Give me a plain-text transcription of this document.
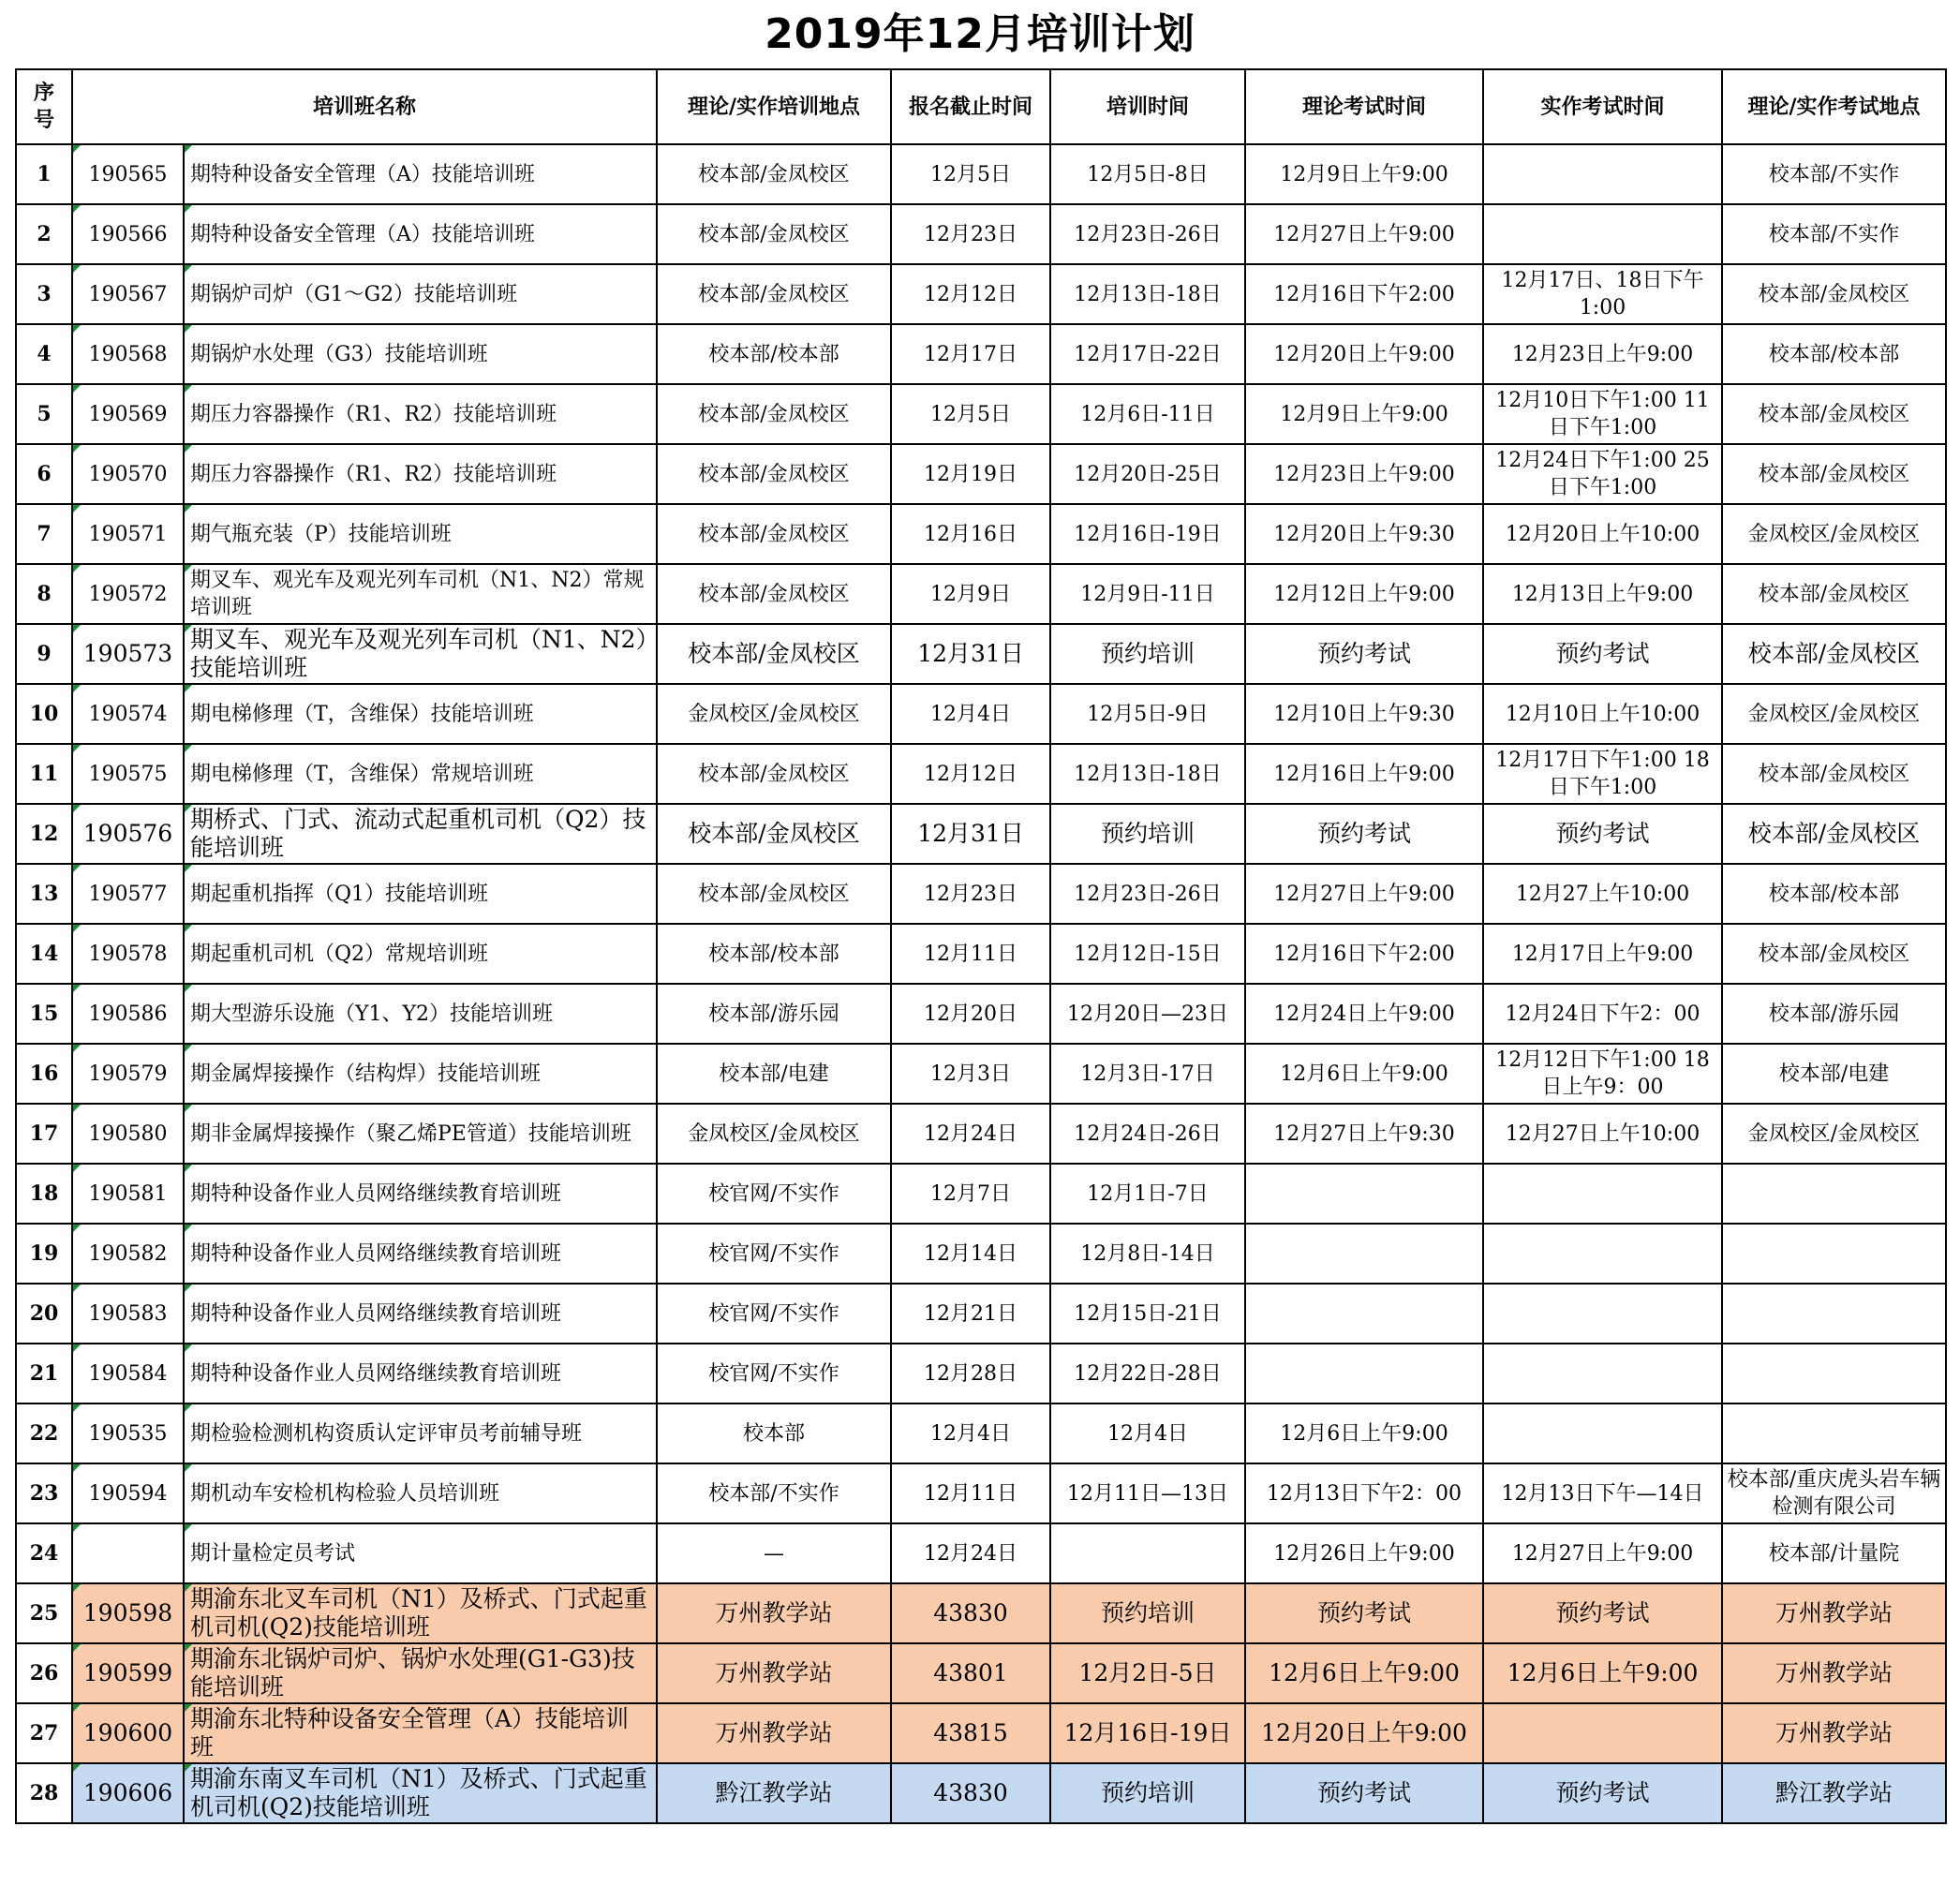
2019年12月培训计划
序号	培训班名称		理论/实作培训地点	报名截止时间	培训时间	理论考试时间	实作考试时间	理论/实作考试地点
1	190565	期特种设备安全管理（A）技能培训班	校本部/金凤校区	12月5日	12月5日-8日	12月9日上午9:00		校本部/不实作
2	190566	期特种设备安全管理（A）技能培训班	校本部/金凤校区	12月23日	12月23日-26日	12月27日上午9:00		校本部/不实作
3	190567	期锅炉司炉（G1～G2）技能培训班	校本部/金凤校区	12月12日	12月13日-18日	12月16日下午2:00	12月17日、18日下午1:00	校本部/金凤校区
4	190568	期锅炉水处理（G3）技能培训班	校本部/校本部	12月17日	12月17日-22日	12月20日上午9:00	12月23日上午9:00	校本部/校本部
5	190569	期压力容器操作（R1、R2）技能培训班	校本部/金凤校区	12月5日	12月6日-11日	12月9日上午9:00	12月10日下午1:00 11日下午1:00	校本部/金凤校区
6	190570	期压力容器操作（R1、R2）技能培训班	校本部/金凤校区	12月19日	12月20日-25日	12月23日上午9:00	12月24日下午1:00 25日下午1:00	校本部/金凤校区
7	190571	期气瓶充装（P）技能培训班	校本部/金凤校区	12月16日	12月16日-19日	12月20日上午9:30	12月20日上午10:00	金凤校区/金凤校区
8	190572	期叉车、观光车及观光列车司机（N1、N2）常规培训班	校本部/金凤校区	12月9日	12月9日-11日	12月12日上午9:00	12月13日上午9:00	校本部/金凤校区
9	190573	期叉车、观光车及观光列车司机（N1、N2）技能培训班	校本部/金凤校区	12月31日	预约培训	预约考试	预约考试	校本部/金凤校区
10	190574	期电梯修理（T，含维保）技能培训班	金凤校区/金凤校区	12月4日	12月5日-9日	12月10日上午9:30	12月10日上午10:00	金凤校区/金凤校区
11	190575	期电梯修理（T，含维保）常规培训班	校本部/金凤校区	12月12日	12月13日-18日	12月16日上午9:00	12月17日下午1:00 18日下午1:00	校本部/金凤校区
12	190576	期桥式、门式、流动式起重机司机（Q2）技能培训班	校本部/金凤校区	12月31日	预约培训	预约考试	预约考试	校本部/金凤校区
13	190577	期起重机指挥（Q1）技能培训班	校本部/金凤校区	12月23日	12月23日-26日	12月27日上午9:00	12月27上午10:00	校本部/校本部
14	190578	期起重机司机（Q2）常规培训班	校本部/校本部	12月11日	12月12日-15日	12月16日下午2:00	12月17日上午9:00	校本部/金凤校区
15	190586	期大型游乐设施（Y1、Y2）技能培训班	校本部/游乐园	12月20日	12月20日—23日	12月24日上午9:00	12月24日下午2：00	校本部/游乐园
16	190579	期金属焊接操作（结构焊）技能培训班	校本部/电建	12月3日	12月3日-17日	12月6日上午9:00	12月12日下午1:00 18日上午9：00	校本部/电建
17	190580	期非金属焊接操作（聚乙烯PE管道）技能培训班	金凤校区/金凤校区	12月24日	12月24日-26日	12月27日上午9:30	12月27日上午10:00	金凤校区/金凤校区
18	190581	期特种设备作业人员网络继续教育培训班	校官网/不实作	12月7日	12月1日-7日			
19	190582	期特种设备作业人员网络继续教育培训班	校官网/不实作	12月14日	12月8日-14日			
20	190583	期特种设备作业人员网络继续教育培训班	校官网/不实作	12月21日	12月15日-21日			
21	190584	期特种设备作业人员网络继续教育培训班	校官网/不实作	12月28日	12月22日-28日			
22	190535	期检验检测机构资质认定评审员考前辅导班	校本部	12月4日	12月4日	12月6日上午9:00		
23	190594	期机动车安检机构检验人员培训班	校本部/不实作	12月11日	12月11日—13日	12月13日下午2：00	12月13日下午—14日	校本部/重庆虎头岩车辆检测有限公司
24		期计量检定员考试	—	12月24日		12月26日上午9:00	12月27日上午9:00	校本部/计量院
25	190598	期渝东北叉车司机（N1）及桥式、门式起重机司机(Q2)技能培训班	万州教学站	43830	预约培训	预约考试	预约考试	万州教学站
26	190599	期渝东北锅炉司炉、锅炉水处理(G1-G3)技能培训班	万州教学站	43801	12月2日-5日	12月6日上午9:00	12月6日上午9:00	万州教学站
27	190600	期渝东北特种设备安全管理（A）技能培训班	万州教学站	43815	12月16日-19日	12月20日上午9:00		万州教学站
28	190606	期渝东南叉车司机（N1）及桥式、门式起重机司机(Q2)技能培训班	黔江教学站	43830	预约培训	预约考试	预约考试	黔江教学站
